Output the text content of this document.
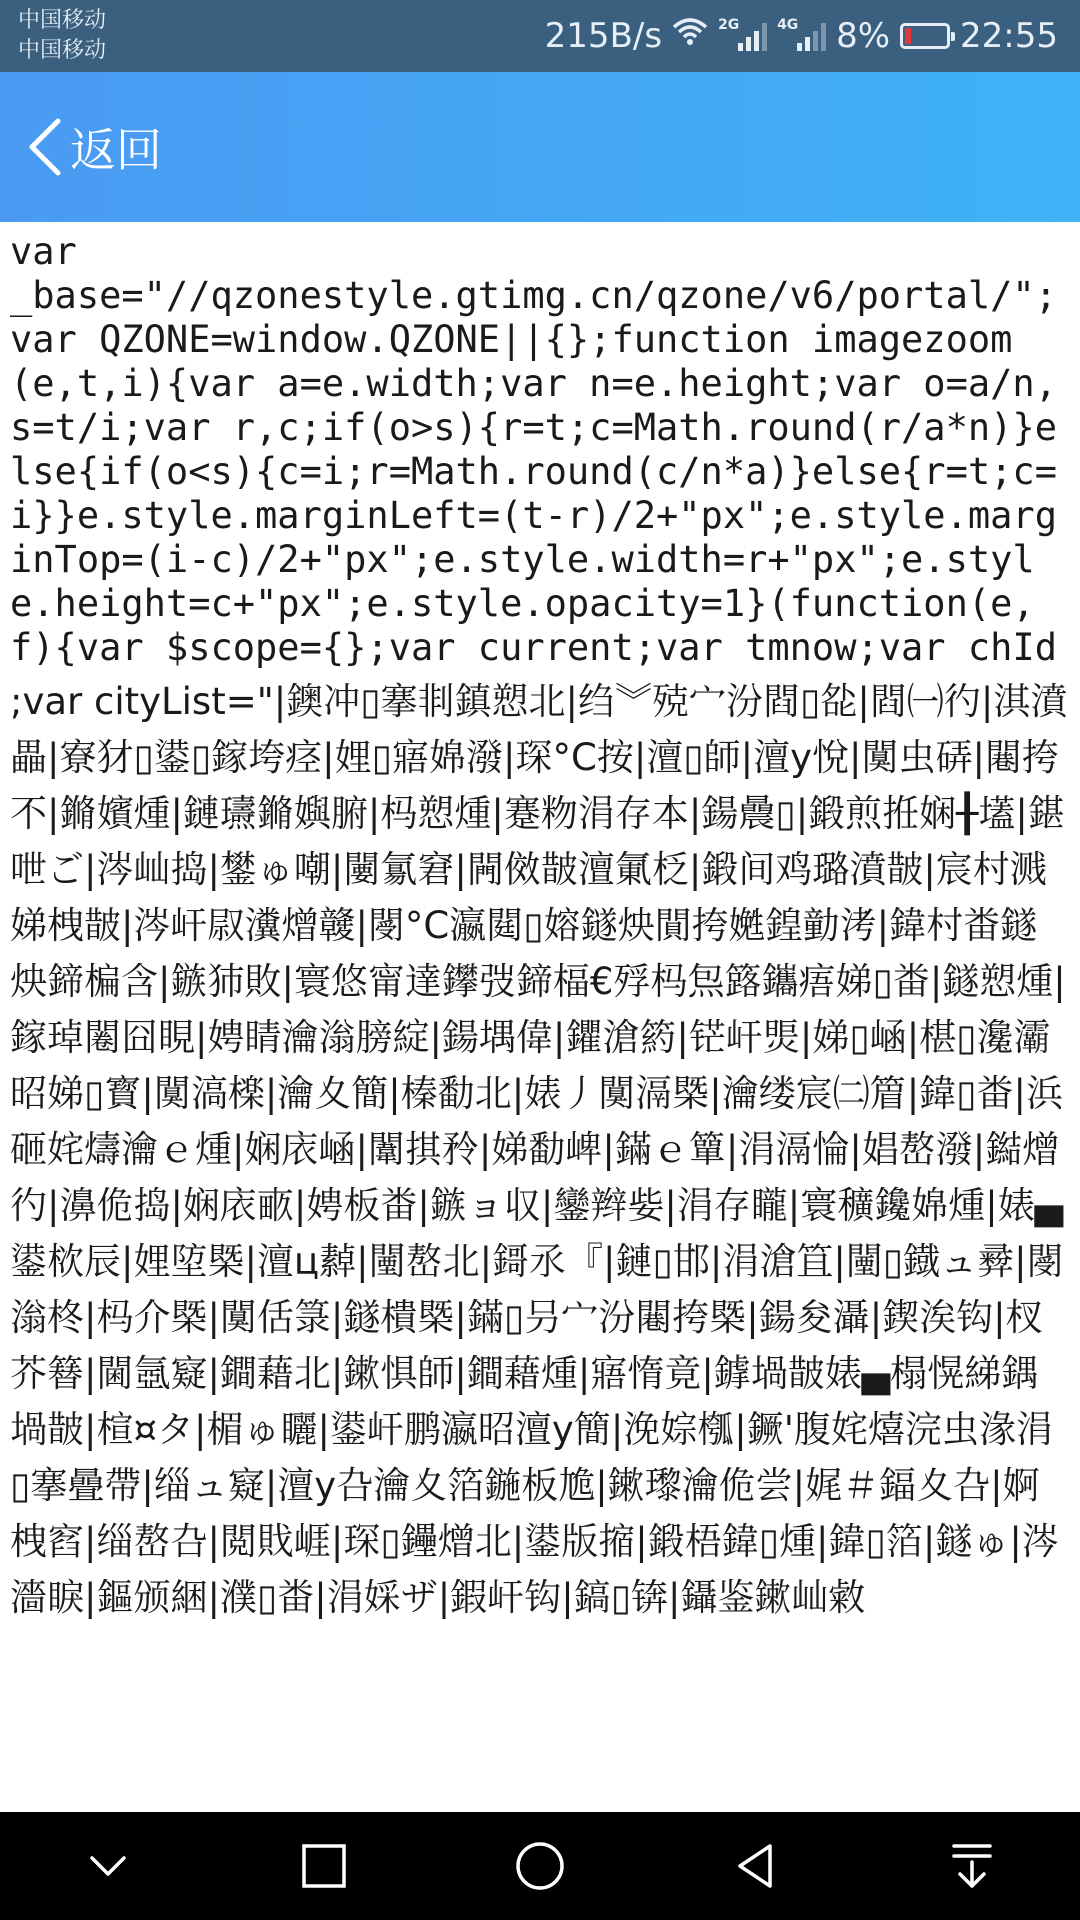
中国移动
中国移动	215B/s	2G	4G 8% 22:55
返回
var
_base="//qzonestyle.gtimg.cn/qzone/v6/portal/";var QZONE=window.QZONE||{};function imagezoom(e,t,i){var a=e.width;var n=e.height;var o=a/n,s=t/i;var r,c;if(o>s){r=t;c=Math.round(r/a*n)}else{if(o<s){c=i;r=Math.round(c/n*a)}else{r=t;c=i}}e.style.marginLeft=(t-r)/2+"px";e.style.marginTop=(i-c)/2+"px";e.style.width=r+"px";e.style.height=c+"px";e.style.opacity=1}(function(e,f){var $scope={};var current;var tmnow;var chId
;var cityList="|鐭冲▯搴剕鎮愬北|绉︾殑宀汾閰▯夞|閰㈠彴|淇濆畾|寮犲▯鍙▯鎵垮痉|娌▯寤婂潑|琛°C按|澶▯師|澶у悅|闃虫硦|闀挎不|鏅嬪煄|鏈瓙鏅嬩腑|杩愬煄|蹇粅涓存本|鍚曟▯|鍛煎拰娴╂壒|鍖呭ご|涔屾捣|鐢ゅ嘲|闄氱窘|闁傚皵澶氭柉|鍛间鸡璐濆皵|宸村溅娣栧皵|涔屽叞瀵熷竷|閿°C瀛閮▯嫆鐩炴閴挎嬎鍠勭洘|鍏村畨鐩炴鍗楄含|鏃犻敗|寰悠甯達鑻弢鍗楅€殍杩炰簬鑴痦娣▯畨|鐩愬煄|鎵琸闂囧睍|娉睛瀹滃膀綻|鍚堣偉|鑺滄箹|铓屽煚|娣▯崡|椹▯瀺灞昭娣▯寳|闃滈檪|瀹夊簡|榛勫北|婊丿闃滆槩|瀹缕宸㈡篃|鍏▯畨|浜砸姹燽瀹ｅ煄|娴庡崡|闈掑矝|娣勫崥|鏋ｅ簞|涓滆惀|娼嶅潑|鐑熷彴|濞佹捣|娴庡畞|娉板畨|鏃ョ収|鑾辫姕|涓存矓|寰穬鑱婂煄|婊▄鍙栨辰|娌埅槩|澶ц繛|闉嶅北|鎶氶『|鏈▯邯|涓滄笡|闉▯鐡ュ彛|閿滃柊|杩介槩|闃佸箓|鐩樻槩|鏋▯叧宀汾闀挎槩|鍚夋灄|鍥涘钩|杈芥簮|閫氬寲|鐧藉北|鏉惧師|鐧藉煄|寤惰竟|鎼堝皵婊▄榻愰綈鍝堝皵|楦¤タ|楣ゅ矖|鍙屽鹏瀛昭澶у簡|浼婃槬|鐝'腹姹熺浣虫湪涓▯搴曡帶|缁ュ寲|澶у叴瀹夊箔鍦板尯|鏉瓈瀹佹尝|娓＃鍢夊叴|婀栧窞|缁嶅叴|閲戝崕|琛▯鑸熷北|鍙版摍|鍛梧鍏▯煄|鍏▯箔|鐩ゅ|涔濇睙|鏂颁綑|濮▯畨|涓婇ザ|鍜屽钩|鎬▯锛|鑷鉴鏉屾敹
